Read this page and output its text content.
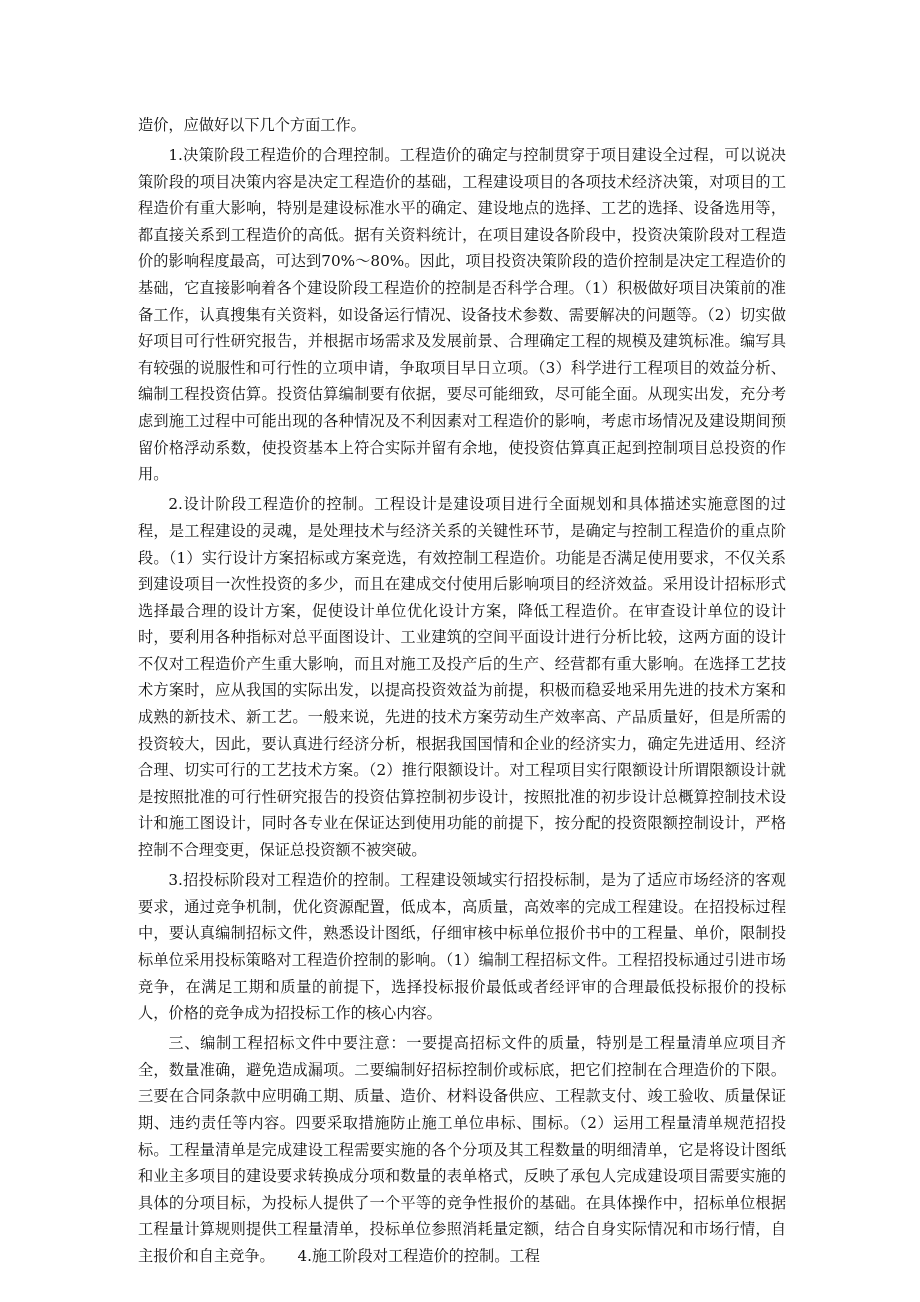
造价，应做好以下几个方面工作。

1.决策阶段工程造价的合理控制。工程造价的确定与控制贯穿于项目建设全过程，可以说决策阶段的项目决策内容是决定工程造价的基础，工程建设项目的各项技术经济决策，对项目的工程造价有重大影响，特别是建设标准水平的确定、建设地点的选择、工艺的选择、设备选用等，都直接关系到工程造价的高低。据有关资料统计，在项目建设各阶段中，投资决策阶段对工程造价的影响程度最高，可达到70%～80%。因此，项目投资决策阶段的造价控制是决定工程造价的基础，它直接影响着各个建设阶段工程造价的控制是否科学合理。（1）积极做好项目决策前的准备工作，认真搜集有关资料，如设备运行情况、设备技术参数、需要解决的问题等。（2）切实做好项目可行性研究报告，并根据市场需求及发展前景、合理确定工程的规模及建筑标准。编写具有较强的说服性和可行性的立项申请，争取项目早日立项。（3）科学进行工程项目的效益分析、编制工程投资估算。投资估算编制要有依据，要尽可能细致，尽可能全面。从现实出发，充分考虑到施工过程中可能出现的各种情况及不利因素对工程造价的影响，考虑市场情况及建设期间预留价格浮动系数，使投资基本上符合实际并留有余地，使投资估算真正起到控制项目总投资的作用。

2.设计阶段工程造价的控制。工程设计是建设项目进行全面规划和具体描述实施意图的过程，是工程建设的灵魂，是处理技术与经济关系的关键性环节，是确定与控制工程造价的重点阶段。（1）实行设计方案招标或方案竞选，有效控制工程造价。功能是否满足使用要求，不仅关系到建设项目一次性投资的多少，而且在建成交付使用后影响项目的经济效益。采用设计招标形式选择最合理的设计方案，促使设计单位优化设计方案，降低工程造价。在审查设计单位的设计时，要利用各种指标对总平面图设计、工业建筑的空间平面设计进行分析比较，这两方面的设计不仅对工程造价产生重大影响，而且对施工及投产后的生产、经营都有重大影响。在选择工艺技术方案时，应从我国的实际出发，以提高投资效益为前提，积极而稳妥地采用先进的技术方案和成熟的新技术、新工艺。一般来说，先进的技术方案劳动生产效率高、产品质量好，但是所需的投资较大，因此，要认真进行经济分析，根据我国国情和企业的经济实力，确定先进适用、经济合理、切实可行的工艺技术方案。（2）推行限额设计。对工程项目实行限额设计所谓限额设计就是按照批准的可行性研究报告的投资估算控制初步设计，按照批准的初步设计总概算控制技术设计和施工图设计，同时各专业在保证达到使用功能的前提下，按分配的投资限额控制设计，严格控制不合理变更，保证总投资额不被突破。

3.招投标阶段对工程造价的控制。工程建设领域实行招投标制，是为了适应市场经济的客观要求，通过竞争机制，优化资源配置，低成本，高质量，高效率的完成工程建设。在招投标过程中，要认真编制招标文件，熟悉设计图纸，仔细审核中标单位报价书中的工程量、单价，限制投标单位采用投标策略对工程造价控制的影响。（1）编制工程招标文件。工程招投标通过引进市场竞争，在满足工期和质量的前提下，选择投标报价最低或者经评审的合理最低投标报价的投标人，价格的竞争成为招投标工作的核心内容。

三、编制工程招标文件中要注意：一要提高招标文件的质量，特别是工程量清单应项目齐全，数量准确，避免造成漏项。二要编制好招标控制价或标底，把它们控制在合理造价的下限。三要在合同条款中应明确工期、质量、造价、材料设备供应、工程款支付、竣工验收、质量保证期、违约责任等内容。四要采取措施防止施工单位串标、围标。（2）运用工程量清单规范招投标。工程量清单是完成建设工程需要实施的各个分项及其工程数量的明细清单，它是将设计图纸和业主多项目的建设要求转换成分项和数量的表单格式，反映了承包人完成建设项目需要实施的具体的分项目标，为投标人提供了一个平等的竞争性报价的基础。在具体操作中，招标单位根据工程量计算规则提供工程量清单，投标单位参照消耗量定额，结合自身实际情况和市场行情，自主报价和自主竞争。　　4.施工阶段对工程造价的控制。工程
